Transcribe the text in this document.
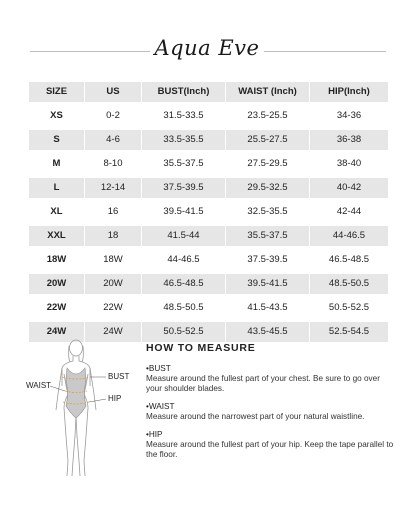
Aqua Eve
SIZE	US	BUST(Inch)	WAIST (Inch)	HIP(Inch)
XS	0-2	31.5-33.5	23.5-25.5	34-36
S	4-6	33.5-35.5	25.5-27.5	36-38
M	8-10	35.5-37.5	27.5-29.5	38-40
L	12-14	37.5-39.5	29.5-32.5	40-42
XL	16	39.5-41.5	32.5-35.5	42-44
XXL	18	41.5-44	35.5-37.5	44-46.5
18W	18W	44-46.5	37.5-39.5	46.5-48.5
20W	20W	46.5-48.5	39.5-41.5	48.5-50.5
22W	22W	48.5-50.5	41.5-43.5	50.5-52.5
24W	24W	50.5-52.5	43.5-45.5	52.5-54.5
BUST
WAIST
HIP
HOW TO MEASURE
•BUST
Measure around the fullest part of your chest. Be sure to go over your shoulder blades.
•WAIST
Measure around the narrowest part of your natural waistline.
•HIP
Measure around the fullest part of your hip. Keep the tape parallel to the floor.
